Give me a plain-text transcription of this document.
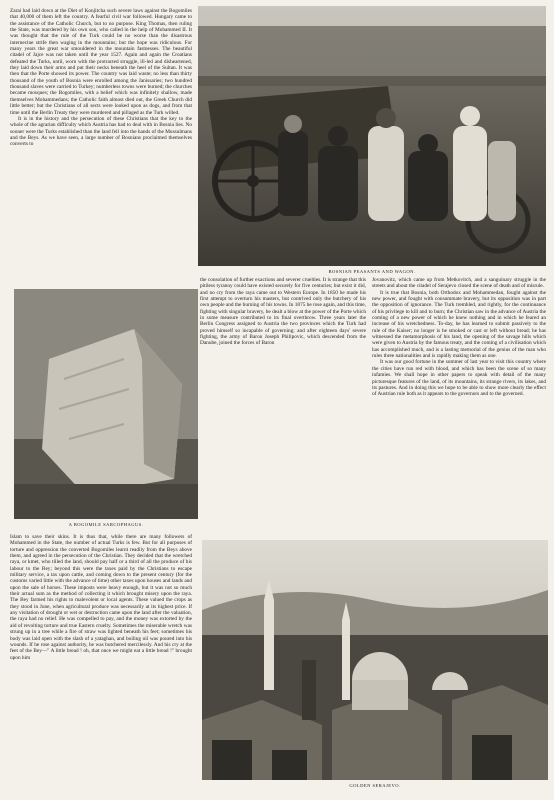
Zarai had laid down at the Diet of Konjitcha such severe laws against the Bogomiles that 40,000 of them left the country. A fearful civil war followed. Hungary came to the assistance of the Catholic Church, but to no purpose. King Thomas, then ruling the State, was murdered by his own son, who called in the help of Mohammed II. It was thought that the rule of the Turk could be no worse than the disastrous internecine strife then waging in the mountains; but the hope was ridiculous. For many years the great war smouldered in the mountain fastnesses. The beautiful citadel of Jajce was not taken until the year 1527. Again and again the Croatians defeated the Turks, until, worn with the protracted struggle, ill-led and disheartened, they laid down their arms and put their necks beneath the heel of the Sultan. It was then that the Porte showed its power. The country was laid waste; no less than thirty thousand of the youth of Bosnia were enrolled among the Janissaries; two hundred thousand slaves were carried to Turkey; numberless towns were burned; the churches became mosques; the Bogomiles, with a belief which was infinitely shallow, made themselves Mohammedans; the Catholic faith almost died out, the Greek Church did little better; but the Christians of all sects were looked upon as dogs, and from that time until the Berlin Treaty they were murdered and pillaged as the Turk willed.

It is in the history and the persecution of these Christians that the key to the whole of the agrarian difficulty which Austria has had to deal with in Bosnia lies. No sooner were the Turks established than the land fell into the hands of the Mussulmans and the Beys. As we have seen, a large number of Bosnians proclaimed themselves converts to

BOSNIAN PEASANTS AND WAGON.
A BOGOMILE SARCOPHAGUS.

the consolation of further exactions and severer cruelties. It is strange that this pitiless tyranny could have existed securely for five centuries; but exist it did, and no cry from the raya came out to Western Europe. In 1850 he made his first attempt to overturn his masters, but contrived only the butchery of his own people and the burning of his towns. In 1875 he rose again, and this time, fighting with singular bravery, he dealt a blow at the power of the Porte which in some measure contributed to its final overthrow. Three years later the Berlin Congress assigned to Austria the two provinces which the Turk had proved himself so incapable of governing; and after eighteen days' severe fighting, the army of Baron Joseph Philipovic, which descended from the Danube, joined the forces of Baron

Jovanovitz, which came up from Metkovitch, and a sanguinary struggle in the streets and about the citadel of Serajevo closed the scene of death and of misrule.

It is true that Bosnia, both Orthodox and Mohammedan, fought against the new power, and fought with consummate bravery, but its opposition was in part the opposition of ignorance. The Turk trembled, and rightly, for the continuance of his privilege to kill and to burn; the Christian saw in the advance of Austria the coming of a new power of which he knew nothing and in which he feared an increase of his wretchedness. To-day, he has learned to submit passively to the rule of the Kaiser; no longer is he smoked or cast or left without bread; he has witnessed the metamorphosis of his land, the opening of the savage hills which were given to Austria by the famous treaty, and the coming of a civilisation which has accomplished much, and is a lasting memorial of the genius of the man who rules three nationalities and is rapidly making them as one.

It was our good fortune in the summer of last year to visit this country where the cities have run red with blood, and which has been the scene of so many infamies. We shall hope in other papers to speak with detail of the many picturesque features of the land, of its mountains, its strange rivers, its lakes, and its pastures. And in doing this we hope to be able to show more clearly the effect of Austrian rule both as it appears to the governors and to the governed.

Islam to save their skins. It is thus that, while there are many followers of Mohammed in the State, the number of actual Turks is few. But for all purposes of torture and oppression the converted Bogomiles learnt readily from the Beys above them, and agreed in the persecution of the Christian. They decided that the wretched raya, or kmet, who tilled the land, should pay half or a third of all the produce of his labour to the Bey; beyond this were the taxes paid by the Christians to escape military service, a tax upon cattle, and coming down to the present century (for the customs varied little with the advance of time) other taxes upon houses and lands and upon the sale of horses. These imposts were heavy enough, but it was not so much their actual sum as the method of collecting it which brought misery upon the raya. The Bey farmed his rights to malevolent or local agents. These valued the crops as they stood in June, when agricultural produce was necessarily at its highest price. If any visitation of drought or wet or destruction came upon the land after the valuation, the raya had no relief. He was compelled to pay, and the money was extorted by the aid of revolting torture and true Eastern cruelty. Sometimes the miserable wretch was strung up in a tree while a fire of straw was lighted beneath his feet; sometimes his body was laid open with the slash of a yataghan, and boiling oil was poured into his wounds. If he rose against authority, he was butchered mercilessly. And his cry at the feet of the Bey—" A little bread ! oh, that once we might eat a little bread !" brought upon him

GOLDEN SERAJEVO.
